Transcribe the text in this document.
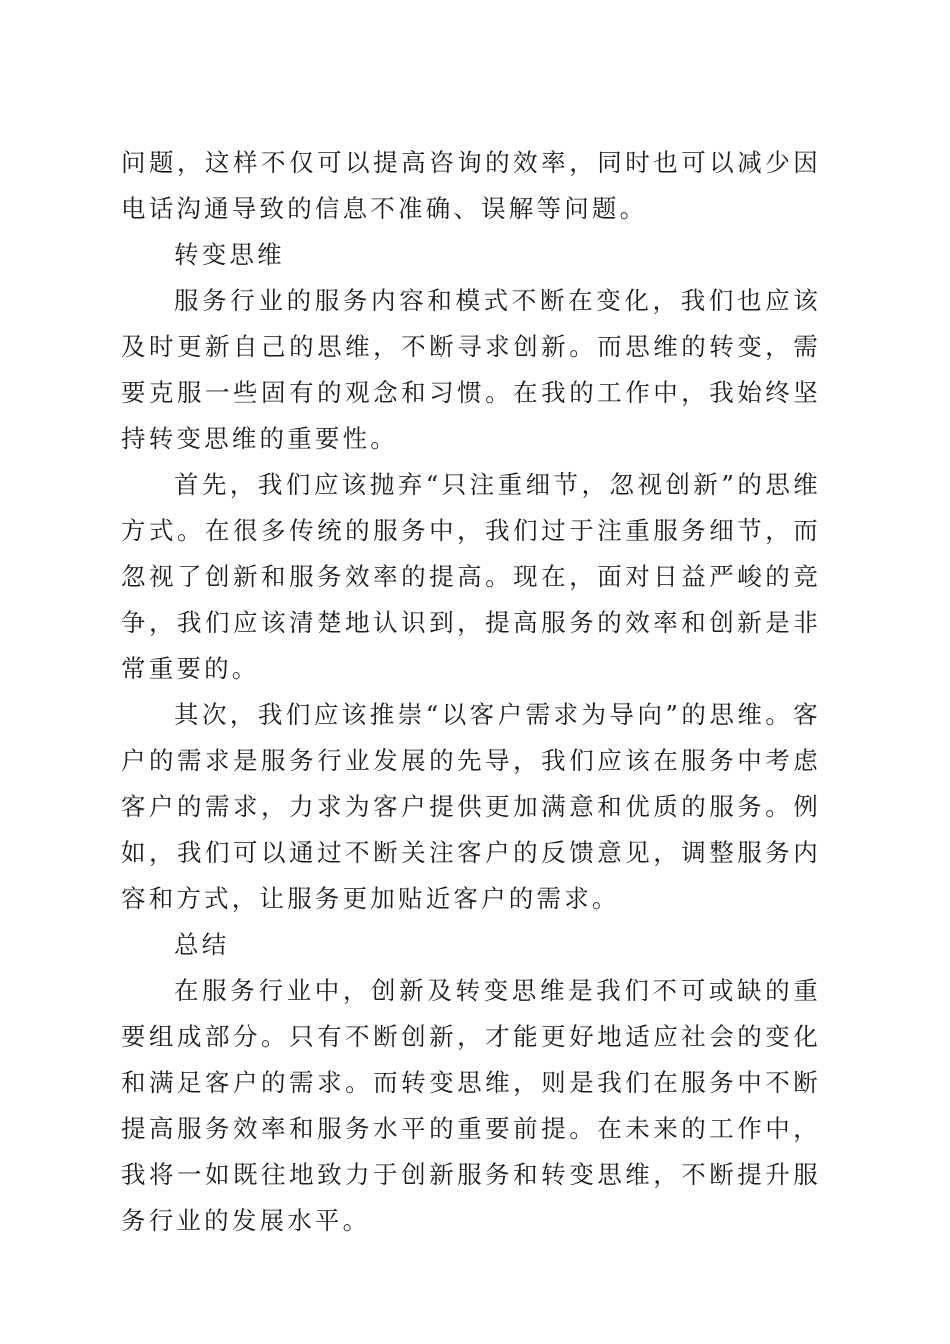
问题，这样不仅可以提高咨询的效率，同时也可以减少因电话沟通导致的信息不准确、误解等问题。

转变思维

服务行业的服务内容和模式不断在变化，我们也应该及时更新自己的思维，不断寻求创新。而思维的转变，需要克服一些固有的观念和习惯。在我的工作中，我始终坚持转变思维的重要性。

首先，我们应该抛弃“只注重细节，忽视创新”的思维方式。在很多传统的服务中，我们过于注重服务细节，而忽视了创新和服务效率的提高。现在，面对日益严峻的竞争，我们应该清楚地认识到，提高服务的效率和创新是非常重要的。

其次，我们应该推崇“以客户需求为导向”的思维。客户的需求是服务行业发展的先导，我们应该在服务中考虑客户的需求，力求为客户提供更加满意和优质的服务。例如，我们可以通过不断关注客户的反馈意见，调整服务内容和方式，让服务更加贴近客户的需求。

总结

在服务行业中，创新及转变思维是我们不可或缺的重要组成部分。只有不断创新，才能更好地适应社会的变化和满足客户的需求。而转变思维，则是我们在服务中不断提高服务效率和服务水平的重要前提。在未来的工作中，我将一如既往地致力于创新服务和转变思维，不断提升服务行业的发展水平。
